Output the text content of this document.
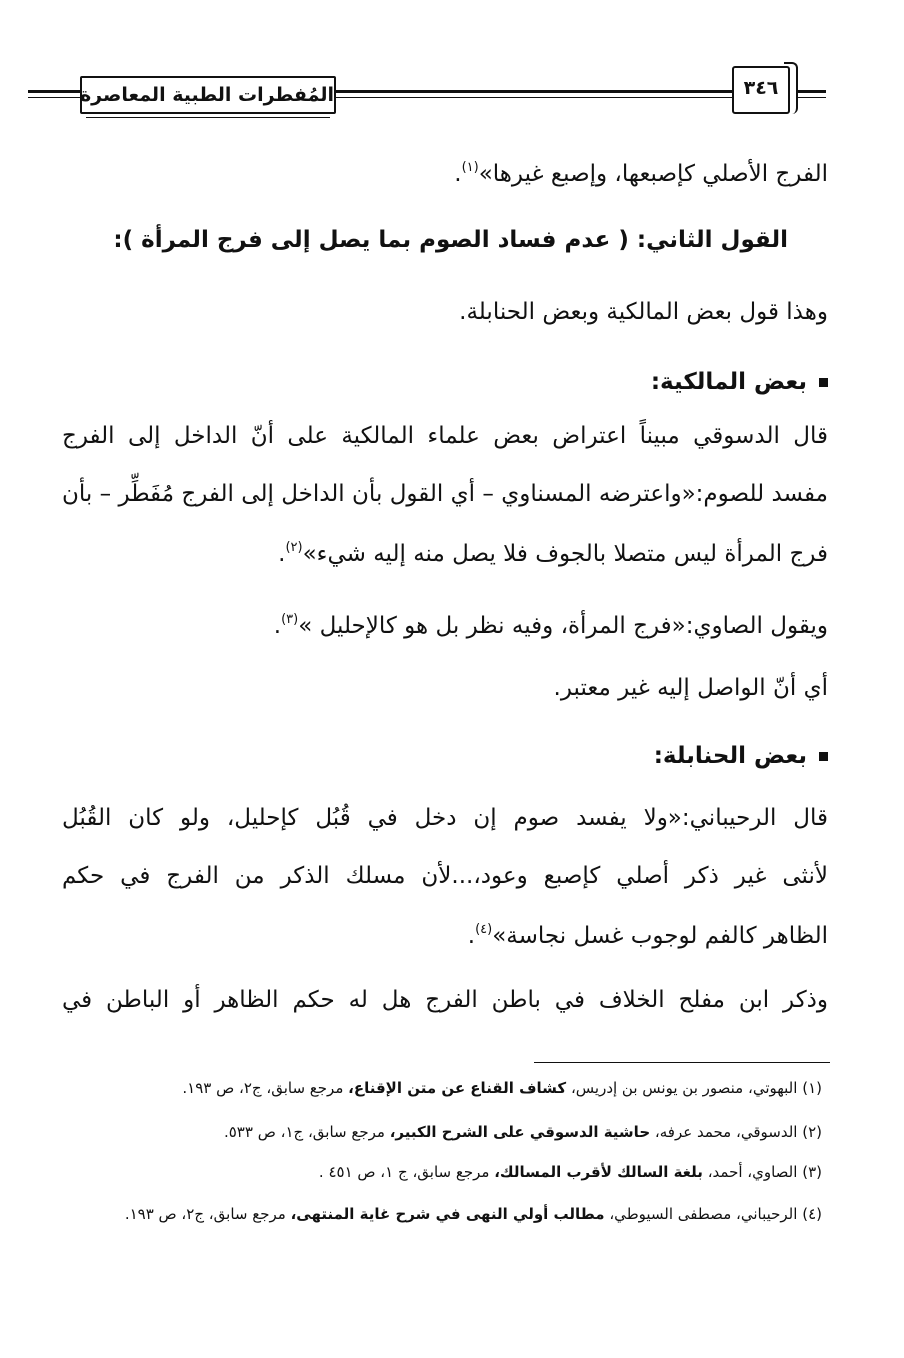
المُفطرات الطبية المعاصرة	٣٤٦
الفرج الأصلي كإصبعها، وإصبع غيرها»$^{(١)}$.
القول الثاني: ( عدم فساد الصوم بما يصل إلى فرج المرأة ):
وهذا قول بعض المالكية وبعض الحنابلة.
بعض المالكية:
قال الدسوقي مبيناً اعتراض بعض علماء المالكية على أنّ الداخل إلى الفرج
مفسد للصوم:«واعترضه المسناوي – أي القول بأن الداخل إلى الفرج مُفَطِّر – بأن
فرج المرأة ليس متصلا بالجوف فلا يصل منه إليه شيء»$^{(٢)}$.
ويقول الصاوي:«فرج المرأة، وفيه نظر بل هو كالإحليل »$^{(٣)}$.
أي أنّ الواصل إليه غير معتبر.
بعض الحنابلة:
قال الرحيباني:«ولا يفسد صوم إن دخل في قُبُل كإحليل، ولو كان القُبُل
لأنثى غير ذكر أصلي كإصبع وعود،...لأن مسلك الذكر من الفرج في حكم
الظاهر كالفم لوجوب غسل نجاسة»$^{(٤)}$.
وذكر ابن مفلح الخلاف في باطن الفرج هل له حكم الظاهر أو الباطن في
(١) البهوتي، منصور بن يونس بن إدريس، كشاف القناع عن متن الإقناع، مرجع سابق، ج٢، ص ١٩٣.
(٢) الدسوقي، محمد عرفه، حاشية الدسوقي على الشرح الكبير، مرجع سابق، ج١، ص ٥٣٣.
(٣) الصاوي، أحمد، بلغة السالك لأقرب المسالك، مرجع سابق، ج ١، ص ٤٥١ .
(٤) الرحيباني، مصطفى السيوطي، مطالب أولي النهى في شرح غاية المنتهى، مرجع سابق، ج٢، ص ١٩٣.
